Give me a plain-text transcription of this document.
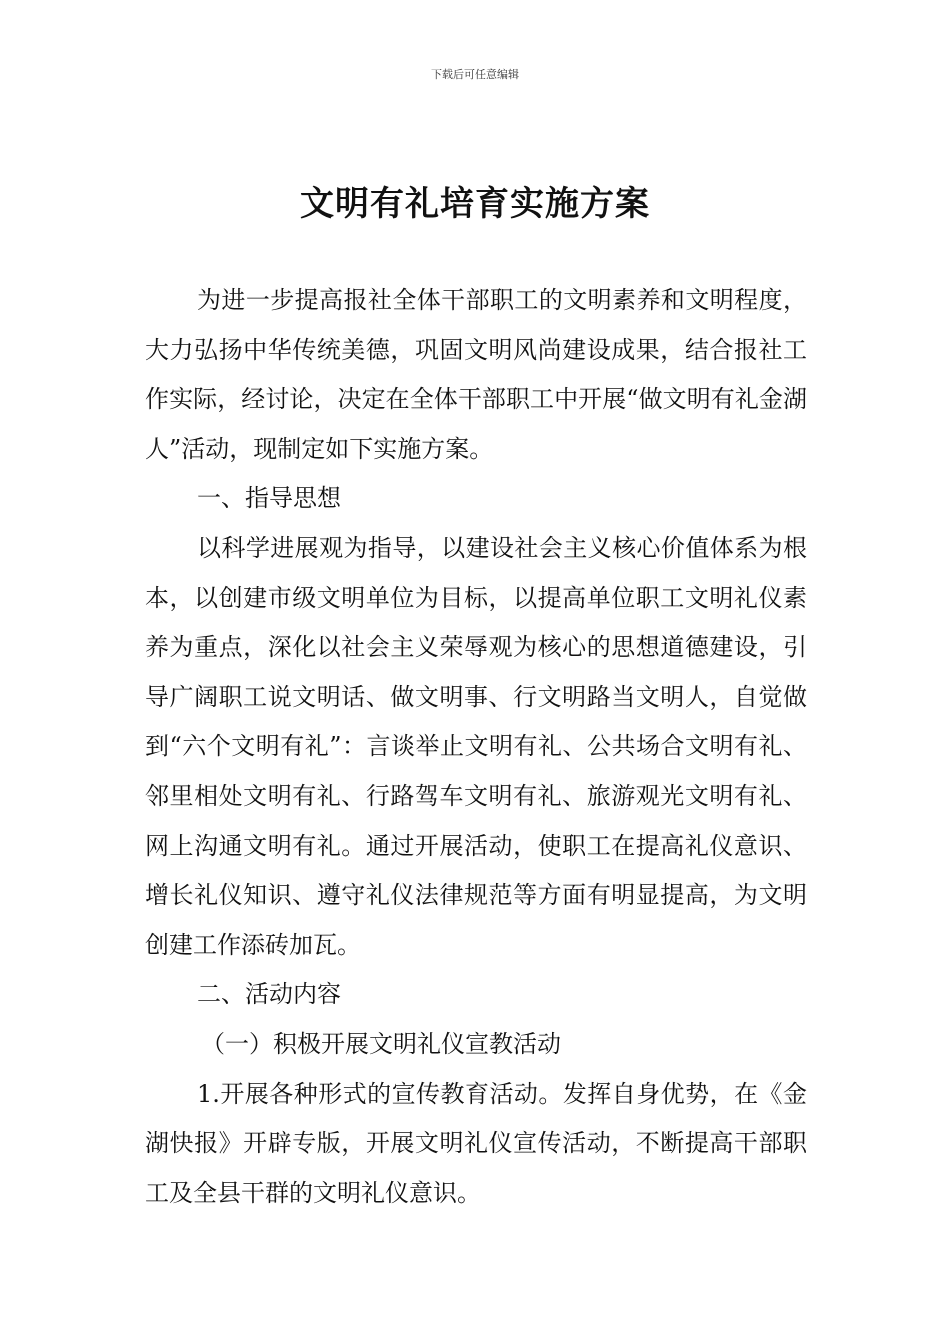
下载后可任意编辑
文明有礼培育实施方案

为进一步提高报社全体干部职工的文明素养和文明程度，大力弘扬中华传统美德，巩固文明风尚建设成果，结合报社工作实际，经讨论，决定在全体干部职工中开展“做文明有礼金湖人”活动，现制定如下实施方案。

一、指导思想

以科学进展观为指导，以建设社会主义核心价值体系为根本，以创建市级文明单位为目标，以提高单位职工文明礼仪素养为重点，深化以社会主义荣辱观为核心的思想道德建设，引导广阔职工说文明话、做文明事、行文明路当文明人，自觉做到“六个文明有礼”：言谈举止文明有礼、公共场合文明有礼、邻里相处文明有礼、行路驾车文明有礼、旅游观光文明有礼、网上沟通文明有礼。通过开展活动，使职工在提高礼仪意识、增长礼仪知识、遵守礼仪法律规范等方面有明显提高，为文明创建工作添砖加瓦。

二、活动内容

（一）积极开展文明礼仪宣教活动

1.开展各种形式的宣传教育活动。发挥自身优势，在《金湖快报》开辟专版，开展文明礼仪宣传活动，不断提高干部职工及全县干群的文明礼仪意识。
